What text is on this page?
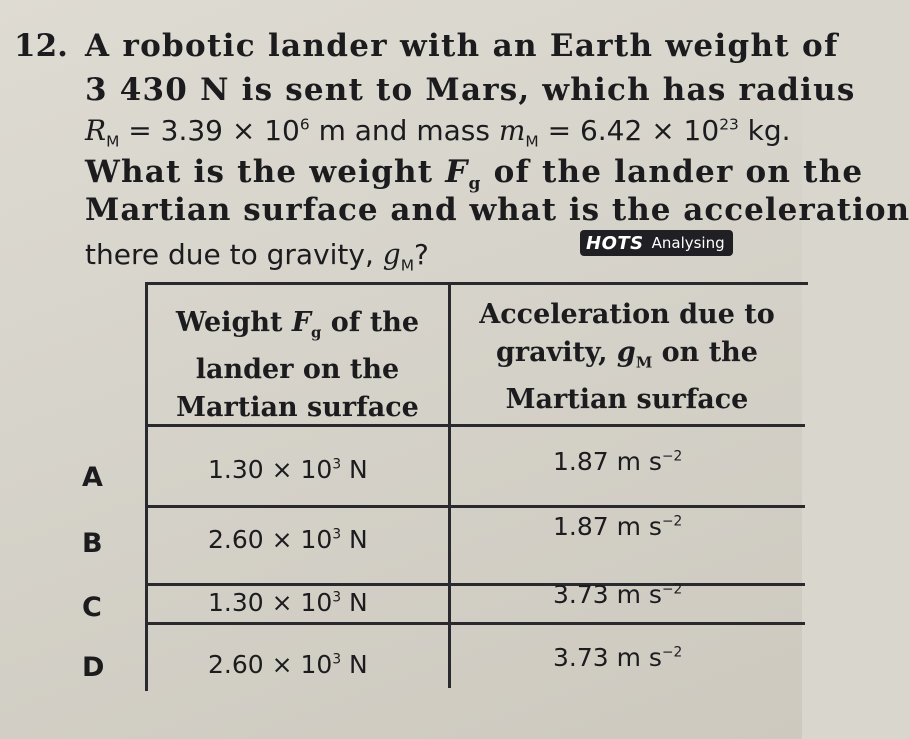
12. A robotic lander with an Earth weight of
3 430 N is sent to Mars, which has radius
$R_M = 3.39 \times 10^6$ m and mass $m_M = 6.42 \times 10^{23}$ kg.
What is the weight $F_g$ of the lander on the
Martian surface and what is the acceleration
there due to gravity, $g_M$?	HOTS Analysing
Weight $F_g$ of the
lander on the
Martian surface
Acceleration due to
gravity, $g_M$ on the
Martian surface
A	$1.30 \times 10^3$ N	1.87 m $s^{-2}$
B	$2.60 \times 10^3$ N	1.87 m $s^{-2}$
C	$1.30 \times 10^3$ N	3.73 m $s^{-2}$
D	$2.60 \times 10^3$ N	3.73 m $s^{-2}$
